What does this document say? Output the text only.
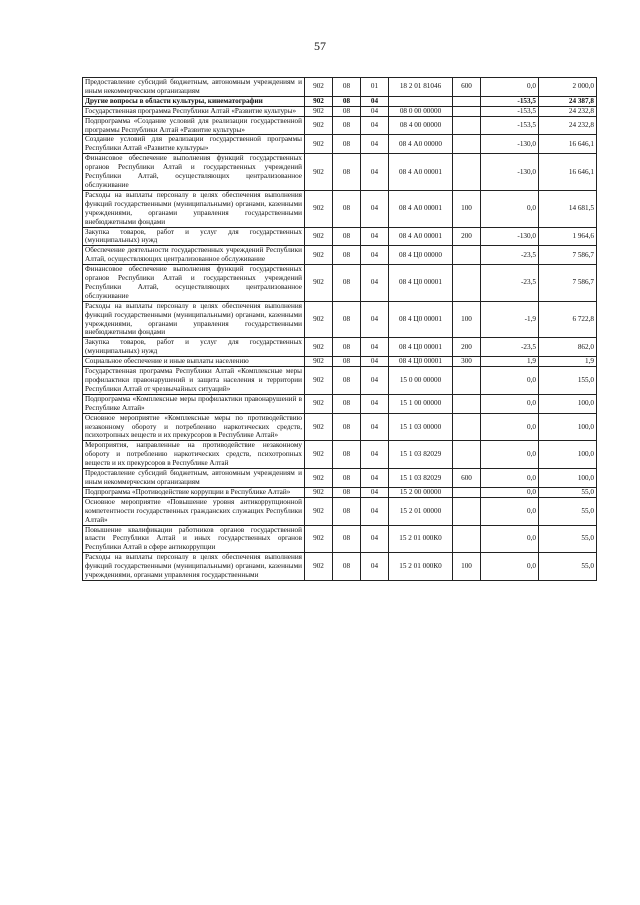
57
Предоставление субсидий бюджетным, автономным учреждениям и иным некоммерческим организациям	902	08	01	18 2 01 81046	600	0,0	2 000,0
Другие вопросы в области культуры, кинематографии	902	08	04			-153,5	24 387,8
Государственная программа Республики Алтай «Развитие культуры»	902	08	04	08 0 00 00000		-153,5	24 232,8
Подпрограмма «Создание условий для реализации государственной программы Республики Алтай «Развитие культуры»	902	08	04	08 4 00 00000		-153,5	24 232,8
Создание условий для реализации государственной программы Республики Алтай «Развитие культуры»	902	08	04	08 4 А0 00000		-130,0	16 646,1
Финансовое обеспечение выполнения функций государственных органов Республики Алтай и государственных учреждений Республики Алтай, осуществляющих централизованное обслуживание	902	08	04	08 4 А0 00001		-130,0	16 646,1
Расходы на выплаты персоналу в целях обеспечения выполнения функций государственными (муниципальными) органами, казенными учреждениями, органами управления государственными внебюджетными фондами	902	08	04	08 4 А0 00001	100	0,0	14 681,5
Закупка товаров, работ и услуг для государственных (муниципальных) нужд	902	08	04	08 4 А0 00001	200	-130,0	1 964,6
Обеспечение деятельности государственных учреждений Республики Алтай, осуществляющих централизованное обслуживание	902	08	04	08 4 Ц0 00000		-23,5	7 586,7
Финансовое обеспечение выполнения функций государственных органов Республики Алтай и государственных учреждений Республики Алтай, осуществляющих централизованное обслуживание	902	08	04	08 4 Ц0 00001		-23,5	7 586,7
Расходы на выплаты персоналу в целях обеспечения выполнения функций государственными (муниципальными) органами, казенными учреждениями, органами управления государственными внебюджетными фондами	902	08	04	08 4 Ц0 00001	100	-1,9	6 722,8
Закупка товаров, работ и услуг для государственных (муниципальных) нужд	902	08	04	08 4 Ц0 00001	200	-23,5	862,0
Социальное обеспечение и иные выплаты населению	902	08	04	08 4 Ц0 00001	300	1,9	1,9
Государственная программа Республики Алтай «Комплексные меры профилактики правонарушений и защита населения и территории Республики Алтай от чрезвычайных ситуаций»	902	08	04	15 0 00 00000		0,0	155,0
Подпрограмма «Комплексные меры профилактики правонарушений в Республике Алтай»	902	08	04	15 1 00 00000		0,0	100,0
Основное мероприятие «Комплексные меры по противодействию незаконному обороту и потреблению наркотических средств, психотропных веществ и их прекурсоров в Республике Алтай»	902	08	04	15 1 03 00000		0,0	100,0
Мероприятия, направленные на противодействие незаконному обороту и потреблению наркотических средств, психотропных веществ и их прекурсоров в Республике Алтай	902	08	04	15 1 03 82029		0,0	100,0
Предоставление субсидий бюджетным, автономным учреждениям и иным некоммерческим организациям	902	08	04	15 1 03 82029	600	0,0	100,0
Подпрограмма «Противодействие коррупции в Республике Алтай»	902	08	04	15 2 00 00000		0,0	55,0
Основное мероприятие «Повышение уровня антикоррупционной компетентности государственных гражданских служащих Республики Алтай»	902	08	04	15 2 01 00000		0,0	55,0
Повышение квалификации работников органов государственной власти Республики Алтай и иных государственных органов Республики Алтай в сфере антикоррупции	902	08	04	15 2 01 000К0		0,0	55,0
Расходы на выплаты персоналу в целях обеспечения выполнения функций государственными (муниципальными) органами, казенными учреждениями, органами управления государственными	902	08	04	15 2 01 000К0	100	0,0	55,0
